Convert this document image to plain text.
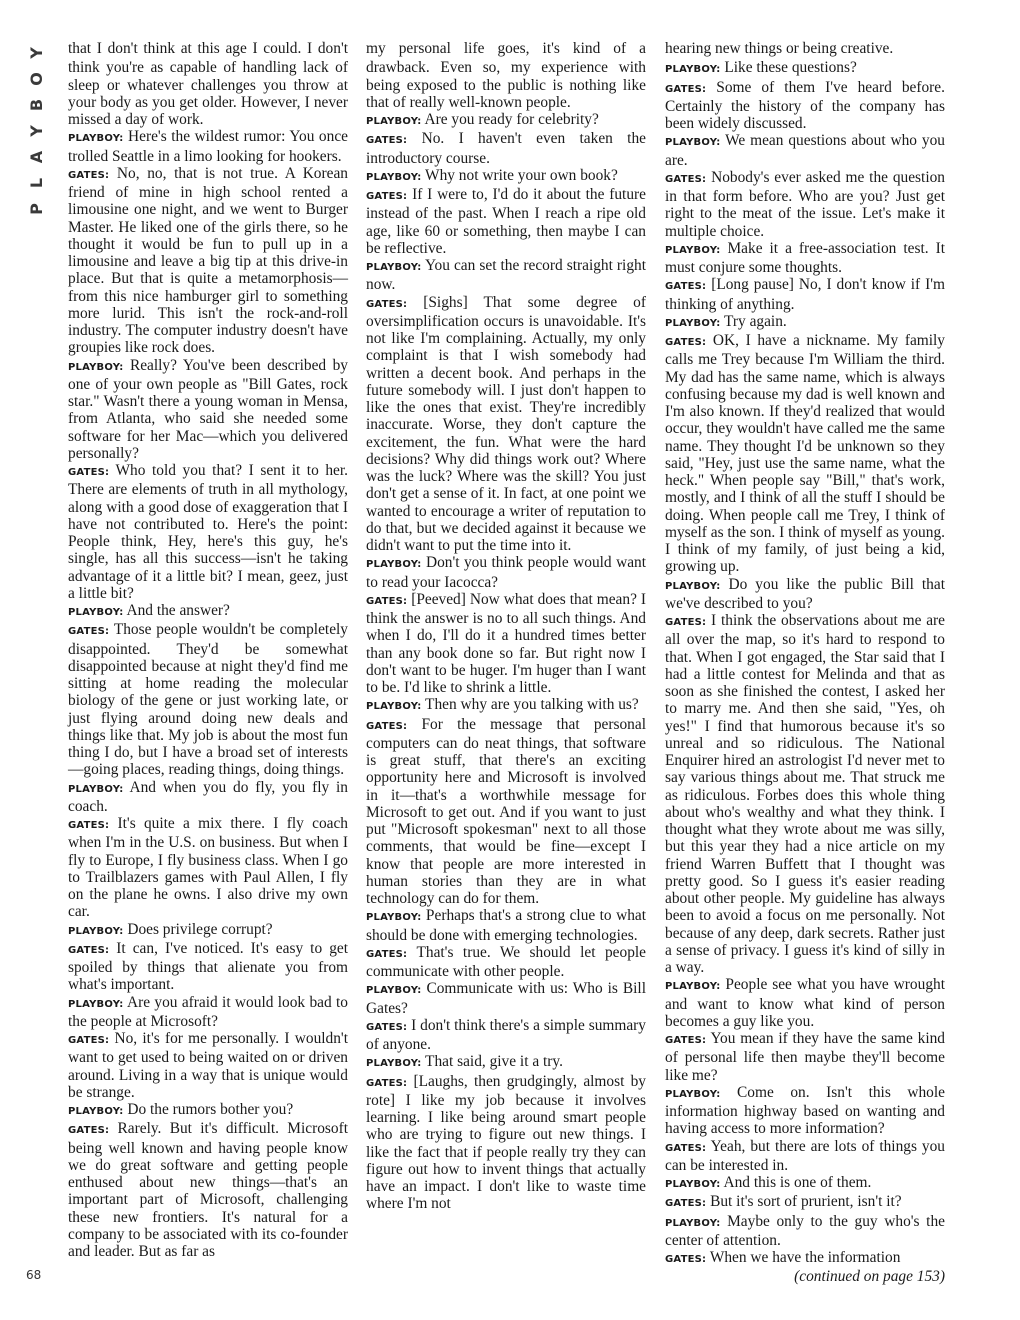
Y
O
B
Y
A
L
P
68

that I don't think at this age I could. I don't think you're as capable of handling lack of sleep or whatever challenges you throw at your body as you get older. However, I never missed a day of work.

PLAYBOY: Here's the wildest rumor: You once trolled Seattle in a limo looking for hookers.

GATES: No, no, that is not true. A Korean friend of mine in high school rented a limousine one night, and we went to Burger Master. He liked one of the girls there, so he thought it would be fun to pull up in a limousine and leave a big tip at this drive-in place. But that is quite a metamorphosis—from this nice hamburger girl to something more lurid. This isn't the rock-and-roll industry. The computer industry doesn't have groupies like rock does.

PLAYBOY: Really? You've been described by one of your own people as "Bill Gates, rock star." Wasn't there a young woman in Mensa, from Atlanta, who said she needed some software for her Mac—which you delivered personally?

GATES: Who told you that? I sent it to her. There are elements of truth in all mythology, along with a good dose of exaggeration that I have not contributed to. Here's the point: People think, Hey, here's this guy, he's single, has all this success—isn't he taking advantage of it a little bit? I mean, geez, just a little bit?

PLAYBOY: And the answer?

GATES: Those people wouldn't be completely disappointed. They'd be somewhat disappointed because at night they'd find me sitting at home reading the molecular biology of the gene or just working late, or just flying around doing new deals and things like that. My job is about the most fun thing I do, but I have a broad set of interests—going places, reading things, doing things.

PLAYBOY: And when you do fly, you fly in coach.

GATES: It's quite a mix there. I fly coach when I'm in the U.S. on business. But when I fly to Europe, I fly business class. When I go to Trailblazers games with Paul Allen, I fly on the plane he owns. I also drive my own car.

PLAYBOY: Does privilege corrupt?

GATES: It can, I've noticed. It's easy to get spoiled by things that alienate you from what's important.

PLAYBOY: Are you afraid it would look bad to the people at Microsoft?

GATES: No, it's for me personally. I wouldn't want to get used to being waited on or driven around. Living in a way that is unique would be strange.

PLAYBOY: Do the rumors bother you?

GATES: Rarely. But it's difficult. Microsoft being well known and having people know we do great software and getting people enthused about new things—that's an important part of Microsoft, challenging these new frontiers. It's natural for a company to be associated with its co-founder and leader. But as far as

my personal life goes, it's kind of a drawback. Even so, my experience with being exposed to the public is nothing like that of really well-known people.

PLAYBOY: Are you ready for celebrity?

GATES: No. I haven't even taken the introductory course.

PLAYBOY: Why not write your own book?

GATES: If I were to, I'd do it about the future instead of the past. When I reach a ripe old age, like 60 or something, then maybe I can be reflective.

PLAYBOY: You can set the record straight right now.

GATES: [Sighs] That some degree of oversimplification occurs is unavoidable. It's not like I'm complaining. Actually, my only complaint is that I wish somebody had written a decent book. And perhaps in the future somebody will. I just don't happen to like the ones that exist. They're incredibly inaccurate. Worse, they don't capture the excitement, the fun. What were the hard decisions? Why did things work out? Where was the luck? Where was the skill? You just don't get a sense of it. In fact, at one point we wanted to encourage a writer of reputation to do that, but we decided against it because we didn't want to put the time into it.

PLAYBOY: Don't you think people would want to read your Iacocca?

GATES: [Peeved] Now what does that mean? I think the answer is no to all such things. And when I do, I'll do it a hundred times better than any book done so far. But right now I don't want to be huger. I'm huger than I want to be. I'd like to shrink a little.

PLAYBOY: Then why are you talking with us?

GATES: For the message that personal computers can do neat things, that software is great stuff, that there's an exciting opportunity here and Microsoft is involved in it—that's a worthwhile message for Microsoft to get out. And if you want to just put "Microsoft spokesman" next to all those comments, that would be fine—except I know that people are more interested in human stories than they are in what technology can do for them.

PLAYBOY: Perhaps that's a strong clue to what should be done with emerging technologies.

GATES: That's true. We should let people communicate with other people.

PLAYBOY: Communicate with us: Who is Bill Gates?

GATES: I don't think there's a simple summary of anyone.

PLAYBOY: That said, give it a try.

GATES: [Laughs, then grudgingly, almost by rote] I like my job because it involves learning. I like being around smart people who are trying to figure out new things. I like the fact that if people really try they can figure out how to invent things that actually have an impact. I don't like to waste time where I'm not

hearing new things or being creative.

PLAYBOY: Like these questions?

GATES: Some of them I've heard before. Certainly the history of the company has been widely discussed.

PLAYBOY: We mean questions about who you are.

GATES: Nobody's ever asked me the question in that form before. Who are you? Just get right to the meat of the issue. Let's make it multiple choice.

PLAYBOY: Make it a free-association test. It must conjure some thoughts.

GATES: [Long pause] No, I don't know if I'm thinking of anything.

PLAYBOY: Try again.

GATES: OK, I have a nickname. My family calls me Trey because I'm William the third. My dad has the same name, which is always confusing because my dad is well known and I'm also known. If they'd realized that would occur, they wouldn't have called me the same name. They thought I'd be unknown so they said, "Hey, just use the same name, what the heck." When people say "Bill," that's work, mostly, and I think of all the stuff I should be doing. When people call me Trey, I think of myself as the son. I think of myself as young. I think of my family, of just being a kid, growing up.

PLAYBOY: Do you like the public Bill that we've described to you?

GATES: I think the observations about me are all over the map, so it's hard to respond to that. When I got engaged, the Star said that I had a little contest for Melinda and that as soon as she finished the contest, I asked her to marry me. And then she said, "Yes, oh yes!" I find that humorous because it's so unreal and so ridiculous. The National Enquirer hired an astrologist I'd never met to say various things about me. That struck me as ridiculous. Forbes does this whole thing about who's wealthy and what they think. I thought what they wrote about me was silly, but this year they had a nice article on my friend Warren Buffett that I thought was pretty good. So I guess it's easier reading about other people. My guideline has always been to avoid a focus on me personally. Not because of any deep, dark secrets. Rather just a sense of privacy. I guess it's kind of silly in a way.

PLAYBOY: People see what you have wrought and want to know what kind of person becomes a guy like you.

GATES: You mean if they have the same kind of personal life then maybe they'll become like me?

PLAYBOY: Come on. Isn't this whole information highway based on wanting and having access to more information?

GATES: Yeah, but there are lots of things you can be interested in.

PLAYBOY: And this is one of them.

GATES: But it's sort of prurient, isn't it?

PLAYBOY: Maybe only to the guy who's the center of attention.

GATES: When we have the information

(continued on page 153)
